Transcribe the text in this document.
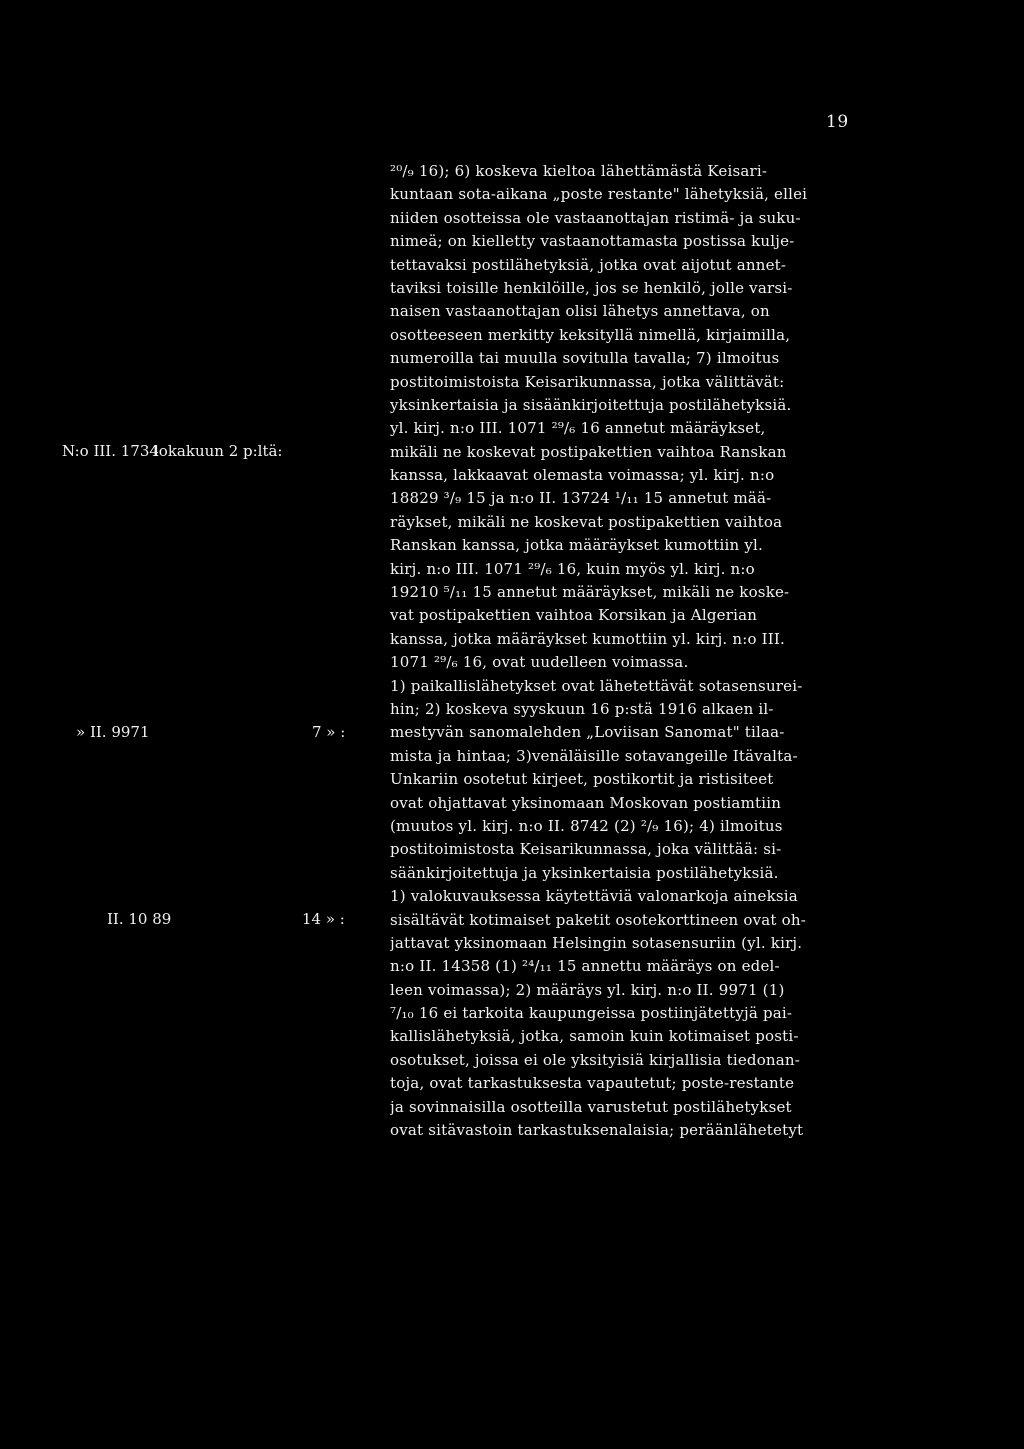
19
N:o III. 1734
lokakuun 2 p:ltä:
» II. 9971	7 » :
II. 10 89	14 » :
²⁰/₉ 16); 6) koskeva kieltoa lähettämästä Keisari-
kuntaan sota-aikana „poste restante" lähetyksiä, ellei
niiden osotteissa ole vastaanottajan ristimä- ja suku-
nimeä; on kielletty vastaanottamasta postissa kulje-
tettavaksi postilähetyksiä, jotka ovat aijotut annet-
taviksi toisille henkilöille, jos se henkilö, jolle varsi-
naisen vastaanottajan olisi lähetys annettava, on
osotteeseen merkitty keksityllä nimellä, kirjaimilla,
numeroilla tai muulla sovitulla tavalla; 7) ilmoitus
postitoimistoista Keisarikunnassa, jotka välittävät:
yksinkertaisia ja sisäänkirjoitettuja postilähetyksiä.
yl. kirj. n:o III. 1071 ²⁹/₆ 16 annetut määräykset,
mikäli ne koskevat postipakettien vaihtoa Ranskan
kanssa, lakkaavat olemasta voimassa; yl. kirj. n:o
18829 ³/₉ 15 ja n:o II. 13724 ¹/₁₁ 15 annetut mää-
räykset, mikäli ne koskevat postipakettien vaihtoa
Ranskan kanssa, jotka määräykset kumottiin yl.
kirj. n:o III. 1071 ²⁹/₆ 16, kuin myös yl. kirj. n:o
19210 ⁵/₁₁ 15 annetut määräykset, mikäli ne koske-
vat postipakettien vaihtoa Korsikan ja Algerian
kanssa, jotka määräykset kumottiin yl. kirj. n:o III.
1071 ²⁹/₆ 16, ovat uudelleen voimassa.
1) paikallislähetykset ovat lähetettävät sotasensurei-
hin; 2) koskeva syyskuun 16 p:stä 1916 alkaen il-
mestyvän sanomalehden „Loviisan Sanomat" tilaa-
mista ja hintaa; 3)venäläisille sotavangeille Itävalta-
Unkariin osotetut kirjeet, postikortit ja ristisiteet
ovat ohjattavat yksinomaan Moskovan postiamtiin
(muutos yl. kirj. n:o II. 8742 (2) ²/₉ 16); 4) ilmoitus
postitoimistosta Keisarikunnassa, joka välittää: si-
säänkirjoitettuja ja yksinkertaisia postilähetyksiä.
1) valokuvauksessa käytettäviä valonarkoja aineksia
sisältävät kotimaiset paketit osotekorttineen ovat oh-
jattavat yksinomaan Helsingin sotasensuriin (yl. kirj.
n:o II. 14358 (1) ²⁴/₁₁ 15 annettu määräys on edel-
leen voimassa); 2) määräys yl. kirj. n:o II. 9971 (1)
⁷/₁₀ 16 ei tarkoita kaupungeissa postiinjätettyjä pai-
kallislähetyksiä, jotka, samoin kuin kotimaiset posti-
osotukset, joissa ei ole yksityisiä kirjallisia tiedonan-
toja, ovat tarkastuksesta vapautetut; poste-restante
ja sovinnaisilla osotteilla varustetut postilähetykset
ovat sitävastoin tarkastuksenalaisia; peräänlähetetyt
